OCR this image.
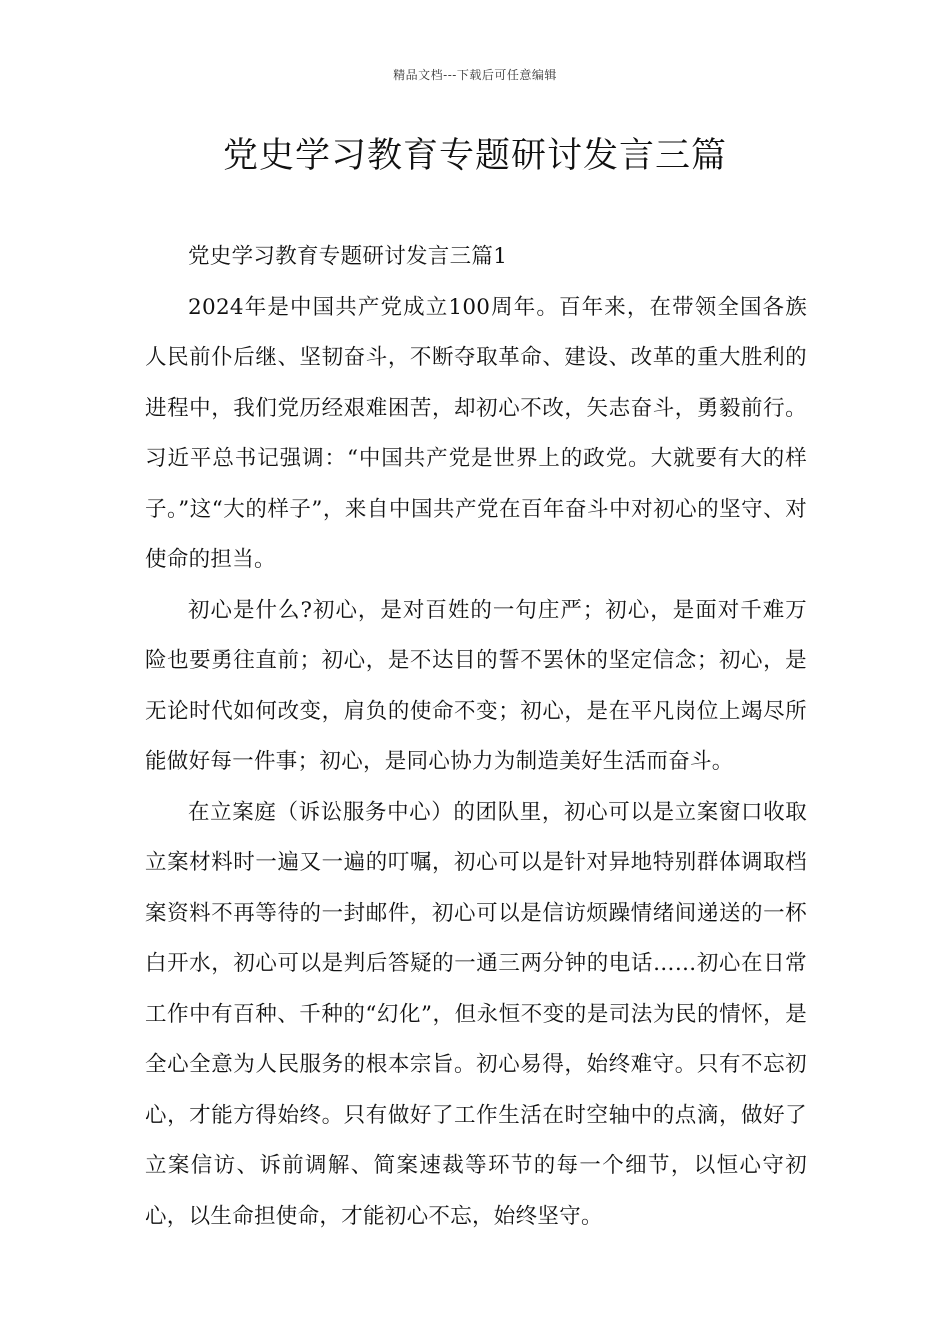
精品文档---下载后可任意编辑
党史学习教育专题研讨发言三篇

党史学习教育专题研讨发言三篇1

2024年是中国共产党成立100周年。百年来，在带领全国各族人民前仆后继、坚韧奋斗，不断夺取革命、建设、改革的重大胜利的进程中，我们党历经艰难困苦，却初心不改，矢志奋斗，勇毅前行。习近平总书记强调：“中国共产党是世界上的政党。大就要有大的样子。”这“大的样子”，来自中国共产党在百年奋斗中对初心的坚守、对使命的担当。

初心是什么?初心，是对百姓的一句庄严；初心，是面对千难万险也要勇往直前；初心，是不达目的誓不罢休的坚定信念；初心，是无论时代如何改变，肩负的使命不变；初心，是在平凡岗位上竭尽所能做好每一件事；初心，是同心协力为制造美好生活而奋斗。

在立案庭（诉讼服务中心）的团队里，初心可以是立案窗口收取立案材料时一遍又一遍的叮嘱，初心可以是针对异地特别群体调取档案资料不再等待的一封邮件，初心可以是信访烦躁情绪间递送的一杯白开水，初心可以是判后答疑的一通三两分钟的电话……初心在日常工作中有百种、千种的“幻化”，但永恒不变的是司法为民的情怀，是全心全意为人民服务的根本宗旨。初心易得，始终难守。只有不忘初心，才能方得始终。只有做好了工作生活在时空轴中的点滴，做好了立案信访、诉前调解、简案速裁等环节的每一个细节，以恒心守初心，以生命担使命，才能初心不忘，始终坚守。
